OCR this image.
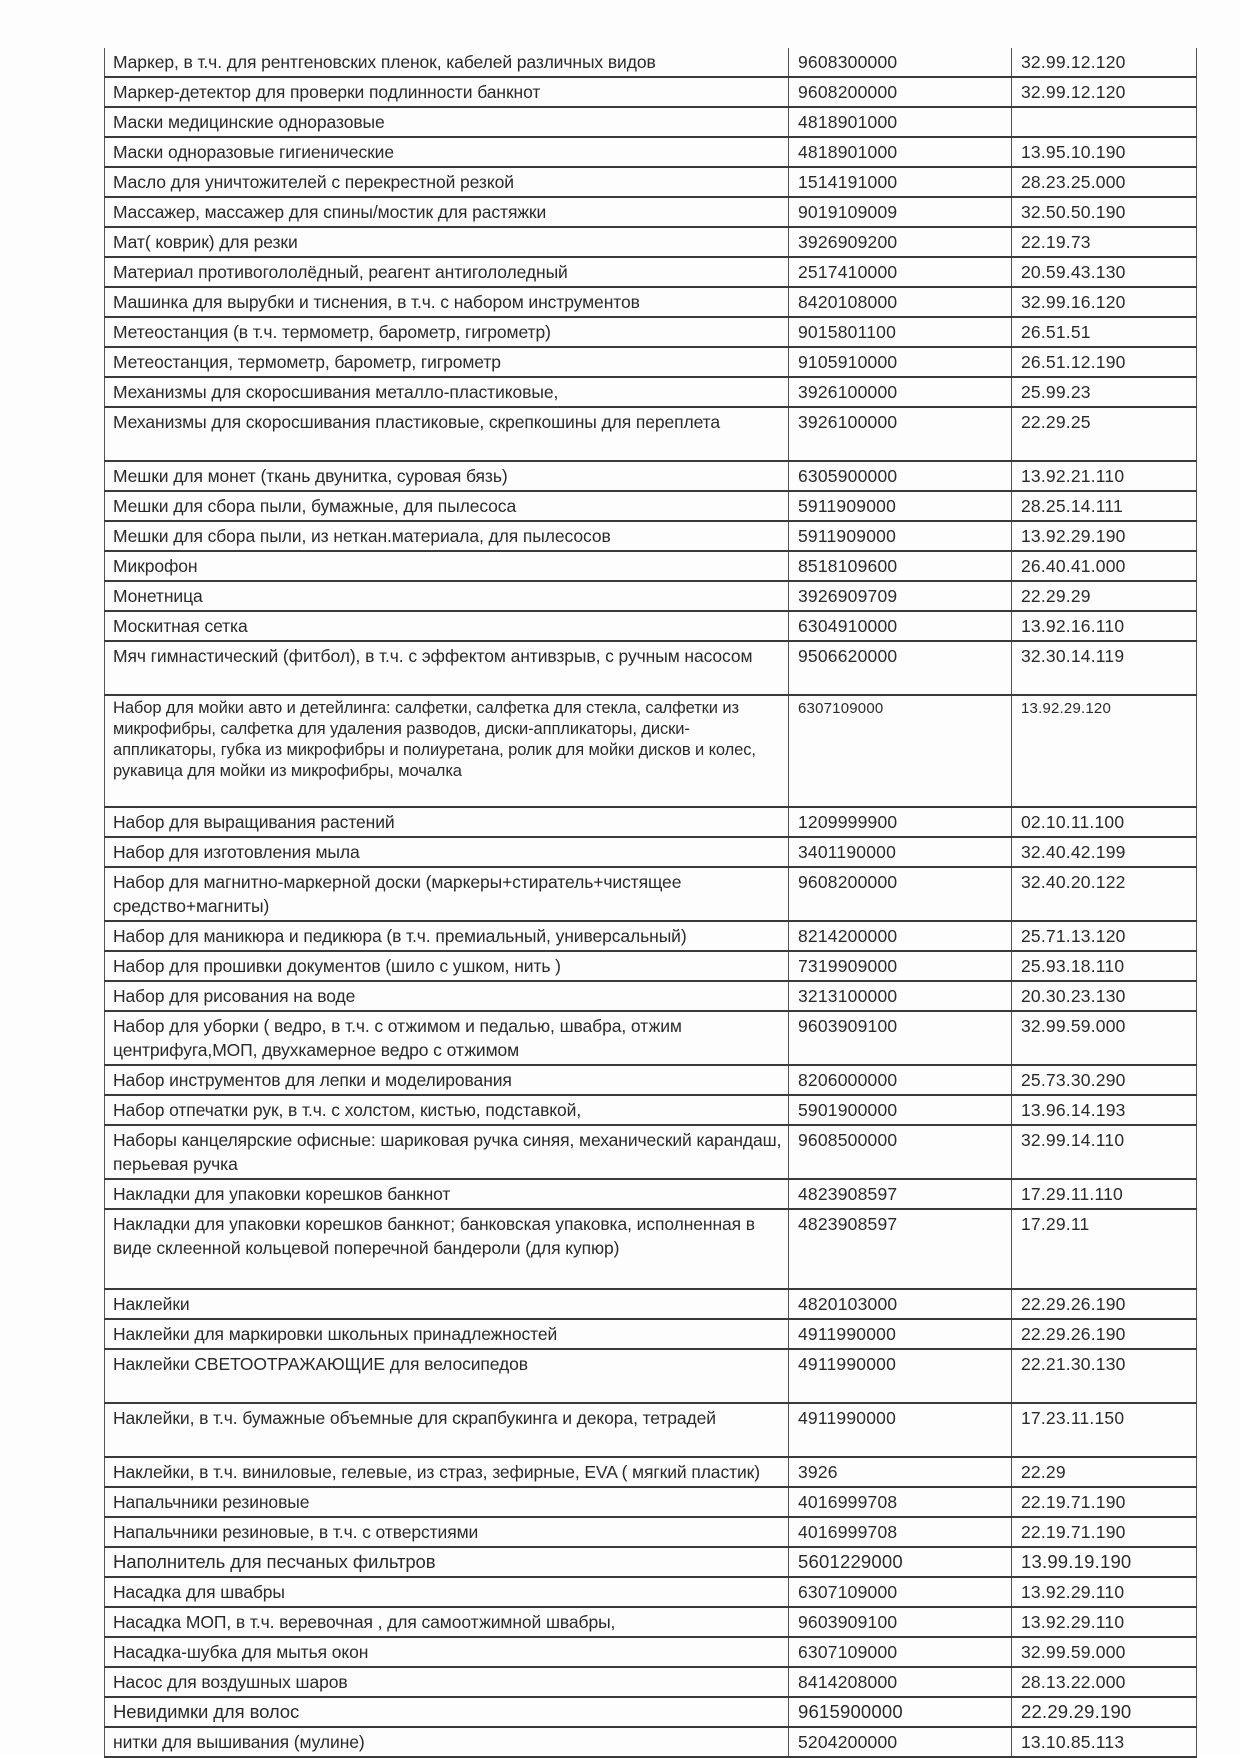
Маркер, в т.ч. для рентгеновских пленок, кабелей различных видов	9608300000	32.99.12.120
Маркер-детектор для проверки подлинности банкнот	9608200000	32.99.12.120
Маски медицинские одноразовые	4818901000	
Маски одноразовые гигиенические	4818901000	13.95.10.190
Масло для уничтожителей с перекрестной резкой	1514191000	28.23.25.000
Массажер, массажер для спины/мостик для растяжки	9019109009	32.50.50.190
Мат( коврик) для резки	3926909200	22.19.73
Материал противогололёдный, реагент антигололедный	2517410000	20.59.43.130
Машинка для вырубки и тиснения, в т.ч. с набором инструментов	8420108000	32.99.16.120
Метеостанция (в т.ч. термометр, барометр, гигрометр)	9015801100	26.51.51
Метеостанция, термометр, барометр, гигрометр	9105910000	26.51.12.190
Механизмы для скоросшивания металло-пластиковые,	3926100000	25.99.23
Механизмы для скоросшивания пластиковые, скрепкошины для переплета	3926100000	22.29.25
Мешки для монет (ткань двунитка, суровая бязь)	6305900000	13.92.21.110
Мешки для сбора пыли, бумажные, для пылесоса	5911909000	28.25.14.111
Мешки для сбора пыли, из неткан.материала, для пылесосов	5911909000	13.92.29.190
Микрофон	8518109600	26.40.41.000
Монетница	3926909709	22.29.29
Москитная сетка	6304910000	13.92.16.110
Мяч гимнастический (фитбол), в т.ч. с эффектом антивзрыв, с ручным насосом	9506620000	32.30.14.119
Набор для мойки авто и детейлинга: салфетки, салфетка для стекла, салфетки из микрофибры, салфетка для удаления разводов, диски-аппликаторы, диски-аппликаторы, губка из микрофибры и полиуретана, ролик для мойки дисков и колес, рукавица для мойки из микрофибры, мочалка	6307109000	13.92.29.120
Набор для выращивания растений	1209999900	02.10.11.100
Набор для изготовления мыла	3401190000	32.40.42.199
Набор для магнитно-маркерной доски (маркеры+стиратель+чистящее средство+магниты)	9608200000	32.40.20.122
Набор для маникюра и педикюра (в т.ч. премиальный, универсальный)	8214200000	25.71.13.120
Набор для прошивки документов (шило с ушком, нить )	7319909000	25.93.18.110
Набор для рисования на воде	3213100000	20.30.23.130
Набор для уборки ( ведро, в т.ч. с отжимом и педалью, швабра, отжим центрифуга,МОП, двухкамерное ведро с отжимом	9603909100	32.99.59.000
Набор инструментов для лепки и моделирования	8206000000	25.73.30.290
Набор отпечатки рук, в т.ч. с холстом, кистью, подставкой,	5901900000	13.96.14.193
Наборы канцелярские офисные: шариковая ручка синяя, механический карандаш, перьевая ручка	9608500000	32.99.14.110
Накладки для упаковки корешков банкнот	4823908597	17.29.11.110
Накладки для упаковки корешков банкнот; банковская упаковка, исполненная в виде склеенной кольцевой поперечной бандероли (для купюр)	4823908597	17.29.11
Наклейки	4820103000	22.29.26.190
Наклейки для маркировки школьных принадлежностей	4911990000	22.29.26.190
Наклейки СВЕТООТРАЖАЮЩИЕ для велосипедов	4911990000	22.21.30.130
Наклейки, в т.ч. бумажные объемные для скрапбукинга и декора, тетрадей	4911990000	17.23.11.150
Наклейки, в т.ч. виниловые, гелевые, из страз, зефирные, EVA ( мягкий пластик)	3926	22.29
Напальчники резиновые	4016999708	22.19.71.190
Напальчники резиновые, в т.ч. с отверстиями	4016999708	22.19.71.190
Наполнитель для песчаных фильтров	5601229000	13.99.19.190
Насадка для швабры	6307109000	13.92.29.110
Насадка МОП, в т.ч. веревочная , для самоотжимной швабры,	9603909100	13.92.29.110
Насадка-шубка для мытья окон	6307109000	32.99.59.000
Насос для воздушных шаров	8414208000	28.13.22.000
Невидимки для волос	9615900000	22.29.29.190
нитки для вышивания (мулине)	5204200000	13.10.85.113
